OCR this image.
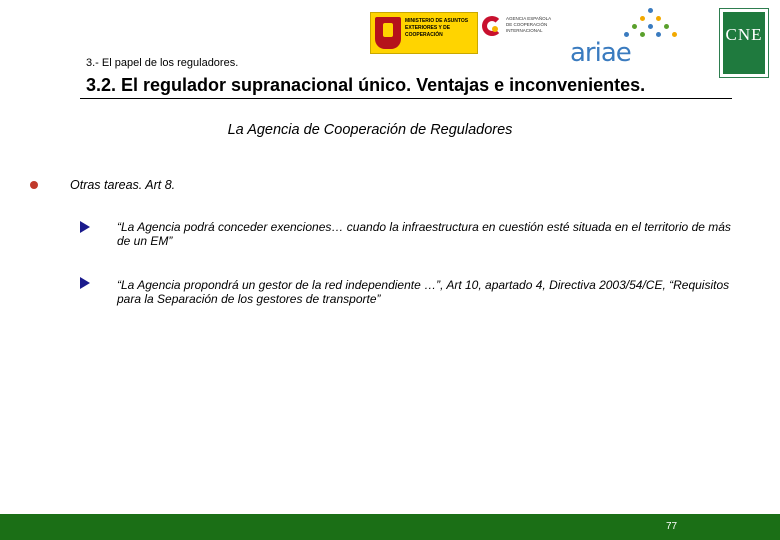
MINISTERIO DE ASUNTOS EXTERIORES Y DE COOPERACIÓN
AGENCIA ESPAÑOLA DE COOPERACIÓN INTERNACIONAL
ariae
CNE
3.- El papel de los reguladores.
3.2. El regulador supranacional único. Ventajas e inconvenientes.
La Agencia de Cooperación de Reguladores
Otras tareas. Art 8.
“La Agencia podrá conceder exenciones… cuando la infraestructura en cuestión esté situada en el territorio de más de un EM”
“La Agencia propondrá un gestor de la red independiente …”, Art 10, apartado 4, Directiva 2003/54/CE, “Requisitos para la Separación de los gestores de transporte”
77
